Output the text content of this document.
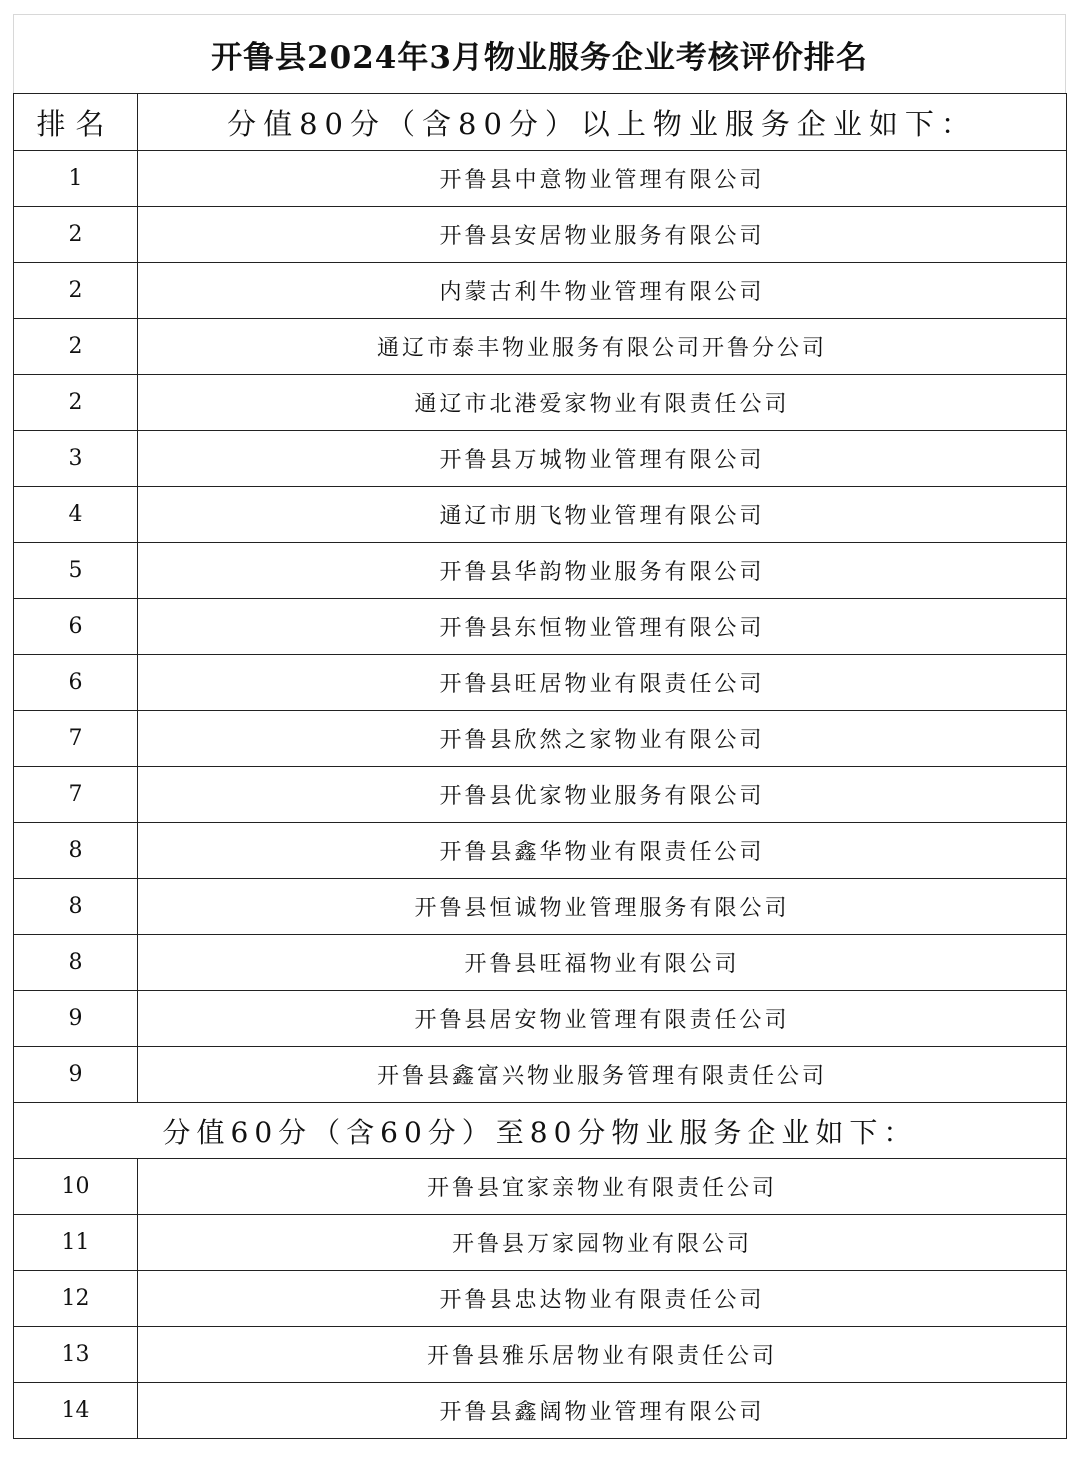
开鲁县2024年3月物业服务企业考核评价排名
排名	分值80分（含80分）以上物业服务企业如下：
1	开鲁县中意物业管理有限公司
2	开鲁县安居物业服务有限公司
2	内蒙古利牛物业管理有限公司
2	通辽市泰丰物业服务有限公司开鲁分公司
2	通辽市北港爱家物业有限责任公司
3	开鲁县万城物业管理有限公司
4	通辽市朋飞物业管理有限公司
5	开鲁县华韵物业服务有限公司
6	开鲁县东恒物业管理有限公司
6	开鲁县旺居物业有限责任公司
7	开鲁县欣然之家物业有限公司
7	开鲁县优家物业服务有限公司
8	开鲁县鑫华物业有限责任公司
8	开鲁县恒诚物业管理服务有限公司
8	开鲁县旺福物业有限公司
9	开鲁县居安物业管理有限责任公司
9	开鲁县鑫富兴物业服务管理有限责任公司
分值60分（含60分）至80分物业服务企业如下：	
10	开鲁县宜家亲物业有限责任公司
11	开鲁县万家园物业有限公司
12	开鲁县忠达物业有限责任公司
13	开鲁县雅乐居物业有限责任公司
14	开鲁县鑫阔物业管理有限公司
